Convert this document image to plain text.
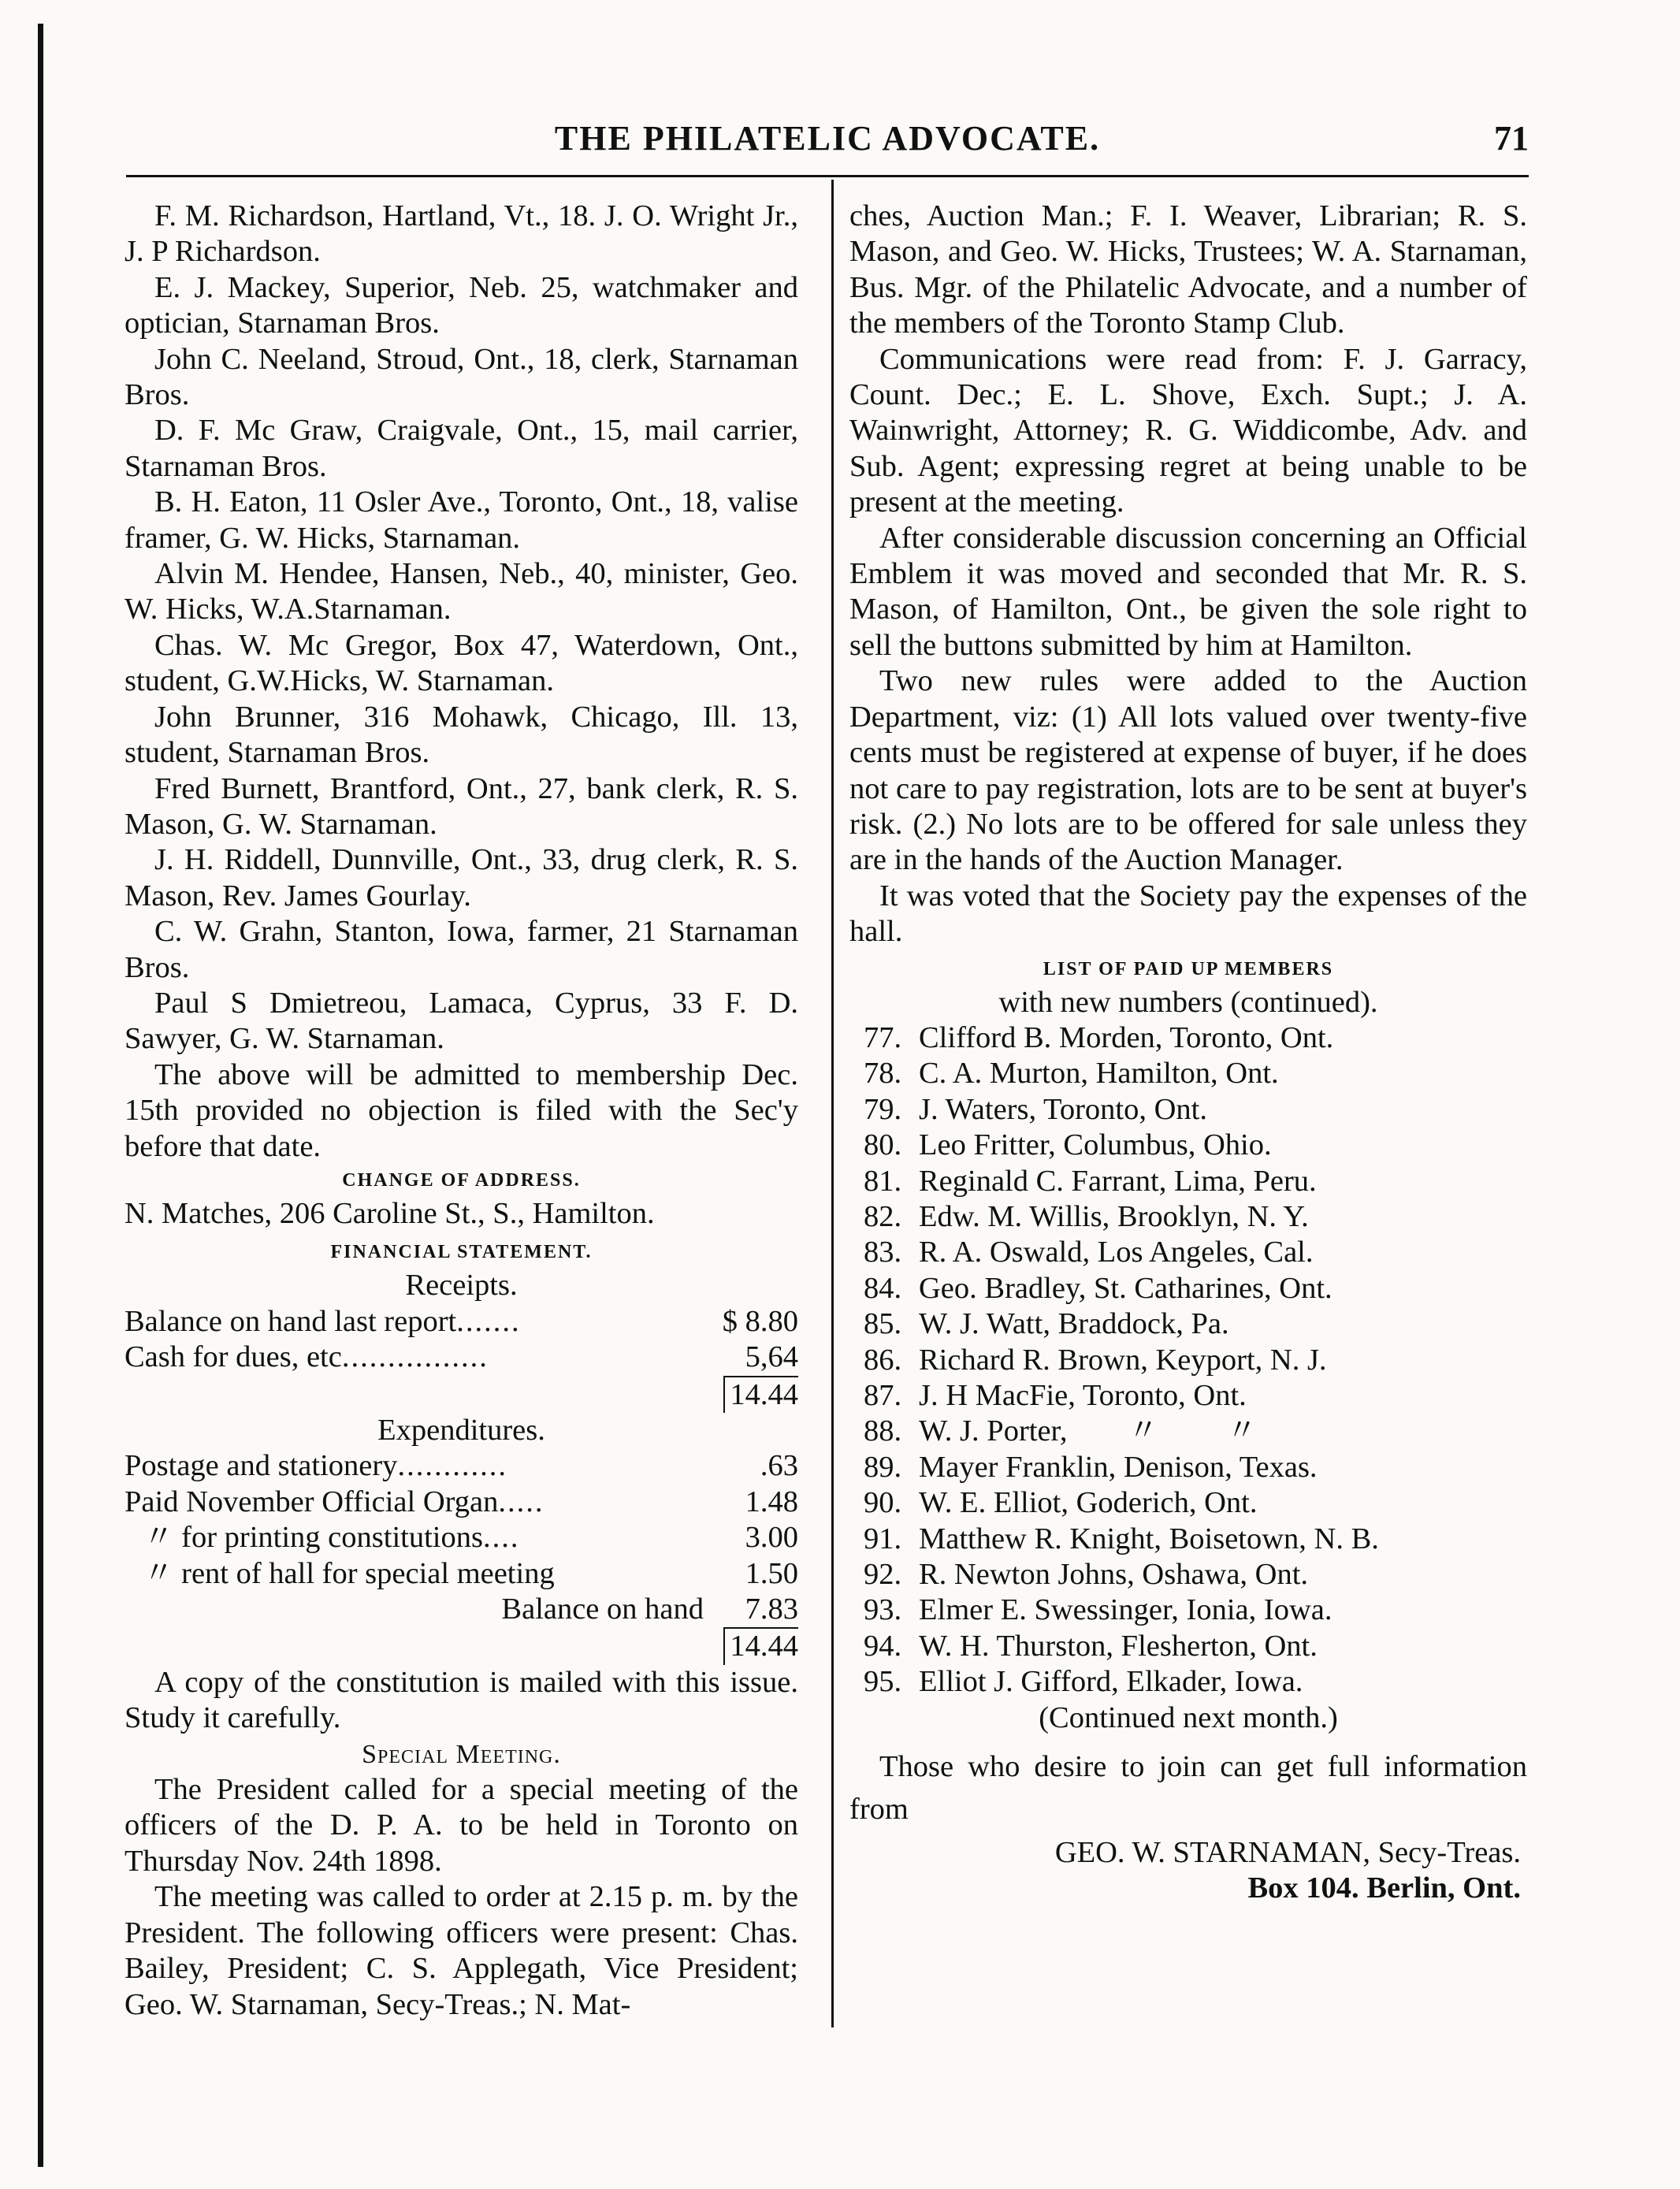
THE PHILATELIC ADVOCATE.	71

F. M. Richardson, Hartland, Vt., 18. J. O. Wright Jr., J. P Richardson.

E. J. Mackey, Superior, Neb. 25, watchmaker and optician, Starnaman Bros.

John C. Neeland, Stroud, Ont., 18, clerk, Starnaman Bros.

D. F. Mc Graw, Craigvale, Ont., 15, mail carrier, Starnaman Bros.

B. H. Eaton, 11 Osler Ave., Toronto, Ont., 18, valise framer, G. W. Hicks, Starnaman.

Alvin M. Hendee, Hansen, Neb., 40, minister, Geo. W. Hicks, W.A.Starnaman.

Chas. W. Mc Gregor, Box 47, Waterdown, Ont., student, G.W.Hicks, W. Starnaman.

John Brunner, 316 Mohawk, Chicago, Ill. 13, student, Starnaman Bros.

Fred Burnett, Brantford, Ont., 27, bank clerk, R. S. Mason, G. W. Starnaman.

J. H. Riddell, Dunnville, Ont., 33, drug clerk, R. S. Mason, Rev. James Gourlay.

C. W. Grahn, Stanton, Iowa, farmer, 21 Starnaman Bros.

Paul S Dmietreou, Lamaca, Cyprus, 33 F. D. Sawyer, G. W. Starnaman.

The above will be admitted to membership Dec. 15th provided no objection is filed with the Sec'y before that date.

CHANGE OF ADDRESS.

N. Matches, 206 Caroline St., S., Hamilton.

FINANCIAL STATEMENT.
Receipts.
Balance on hand last report.......	$ 8.80
Cash for dues, etc................	5,64
	14.44
Expenditures.
Postage and stationery............	.63
Paid November Official Organ.....	1.48
〃 for printing constitutions....	3.00
〃 rent of hall for special meeting	1.50
Balance on hand	7.83
	14.44

A copy of the constitution is mailed with this issue. Study it carefully.

Special Meeting.

The President called for a special meeting of the officers of the D. P. A. to be held in Toronto on Thursday Nov. 24th 1898.

The meeting was called to order at 2.15 p. m. by the President. The following officers were present: Chas. Bailey, President; C. S. Applegath, Vice President; Geo. W. Starnaman, Secy-Treas.; N. Mat-

ches, Auction Man.; F. I. Weaver, Librarian; R. S. Mason, and Geo. W. Hicks, Trustees; W. A. Starnaman, Bus. Mgr. of the Philatelic Advocate, and a number of the members of the Toronto Stamp Club.

Communications were read from: F. J. Garracy, Count. Dec.; E. L. Shove, Exch. Supt.; J. A. Wainwright, Attorney; R. G. Widdicombe, Adv. and Sub. Agent; expressing regret at being unable to be present at the meeting.

After considerable discussion concerning an Official Emblem it was moved and seconded that Mr. R. S. Mason, of Hamilton, Ont., be given the sole right to sell the buttons submitted by him at Hamilton.

Two new rules were added to the Auction Department, viz: (1) All lots valued over twenty-five cents must be registered at expense of buyer, if he does not care to pay registration, lots are to be sent at buyer's risk. (2.) No lots are to be offered for sale unless they are in the hands of the Auction Manager.

It was voted that the Society pay the expenses of the hall.

LIST OF PAID UP MEMBERS
with new numbers (continued).
77. Clifford B. Morden, Toronto, Ont.
78. C. A. Murton, Hamilton, Ont.
79. J. Waters, Toronto, Ont.
80. Leo Fritter, Columbus, Ohio.
81. Reginald C. Farrant, Lima, Peru.
82. Edw. M. Willis, Brooklyn, N. Y.
83. R. A. Oswald, Los Angeles, Cal.
84. Geo. Bradley, St. Catharines, Ont.
85. W. J. Watt, Braddock, Pa.
86. Richard R. Brown, Keyport, N. J.
87. J. H MacFie, Toronto, Ont.
88. W. J. Porter,        〃         〃
89. Mayer Franklin, Denison, Texas.
90. W. E. Elliot, Goderich, Ont.
91. Matthew R. Knight, Boisetown, N. B.
92. R. Newton Johns, Oshawa, Ont.
93. Elmer E. Swessinger, Ionia, Iowa.
94. W. H. Thurston, Flesherton, Ont.
95. Elliot J. Gifford, Elkader, Iowa.
(Continued next month.)

Those who desire to join can get full information from

GEO. W. STARNAMAN, Secy-Treas.
Box 104. Berlin, Ont.
